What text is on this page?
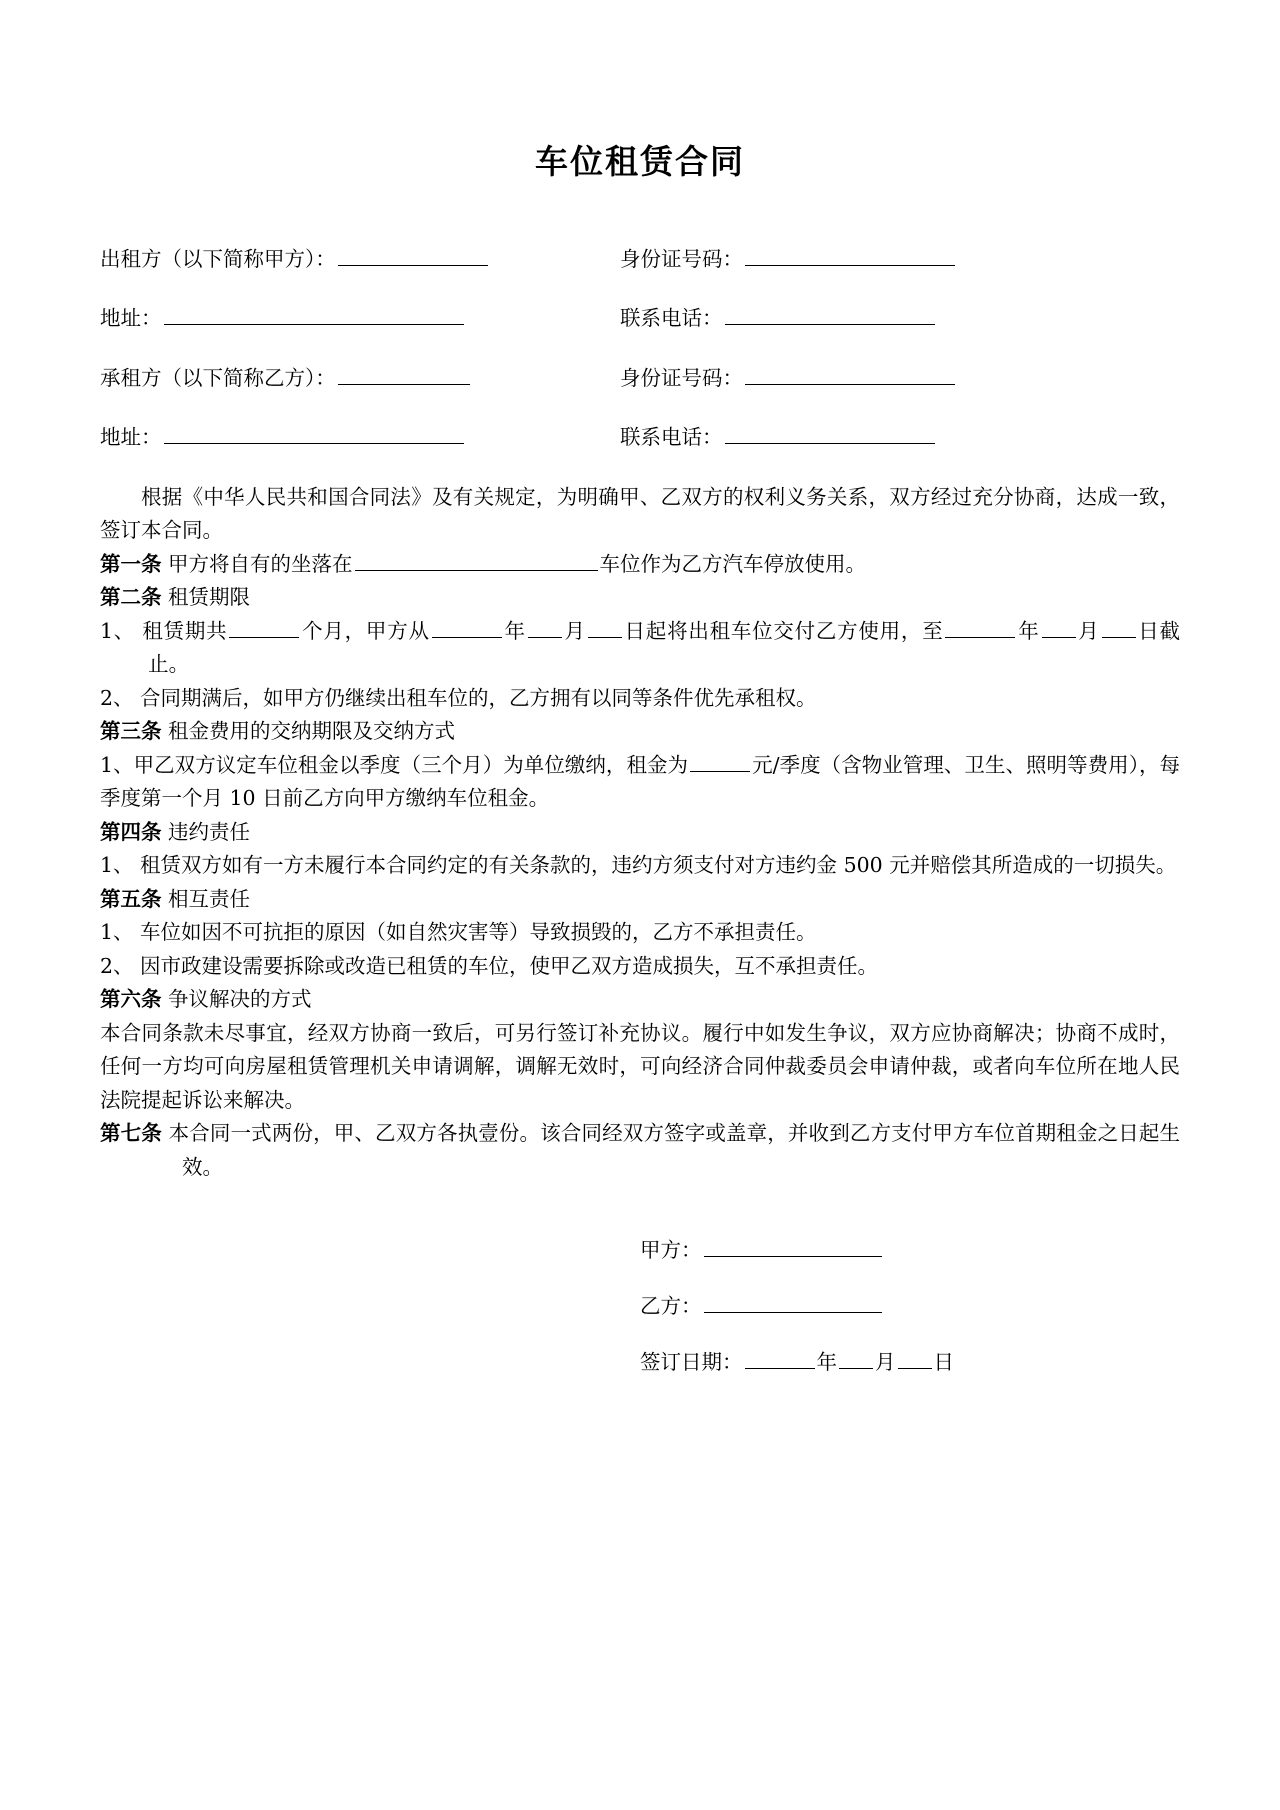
车位租赁合同
出租方（以下简称甲方）：	身份证号码：
地址：	联系电话：
承租方（以下简称乙方）：	身份证号码：
地址：	联系电话：

根据《中华人民共和国合同法》及有关规定，为明确甲、乙双方的权利义务关系，双方经过充分协商，达成一致，签订本合同。

第一条 甲方将自有的坐落在	车位作为乙方汽车停放使用。

第二条 租赁期限

1、 租赁期共	个月，甲方从	年 月 日起将出租车位交付乙方使用，至	年 月 日截止。

2、 合同期满后，如甲方仍继续出租车位的，乙方拥有以同等条件优先承租权。

第三条 租金费用的交纳期限及交纳方式

1、甲乙双方议定车位租金以季度（三个月）为单位缴纳，租金为	元/季度（含物业管理、卫生、照明等费用），每季度第一个月 10 日前乙方向甲方缴纳车位租金。

第四条 违约责任

1、 租赁双方如有一方未履行本合同约定的有关条款的，违约方须支付对方违约金 500 元并赔偿其所造成的一切损失。

第五条 相互责任

1、 车位如因不可抗拒的原因（如自然灾害等）导致损毁的，乙方不承担责任。

2、 因市政建设需要拆除或改造已租赁的车位，使甲乙双方造成损失，互不承担责任。

第六条 争议解决的方式

本合同条款未尽事宜，经双方协商一致后，可另行签订补充协议。履行中如发生争议，双方应协商解决；协商不成时，任何一方均可向房屋租赁管理机关申请调解，调解无效时，可向经济合同仲裁委员会申请仲裁，或者向车位所在地人民法院提起诉讼来解决。

第七条 本合同一式两份，甲、乙双方各执壹份。该合同经双方签字或盖章，并收到乙方支付甲方车位首期租金之日起生效。

甲方：
乙方：
签订日期：	年 月 日
